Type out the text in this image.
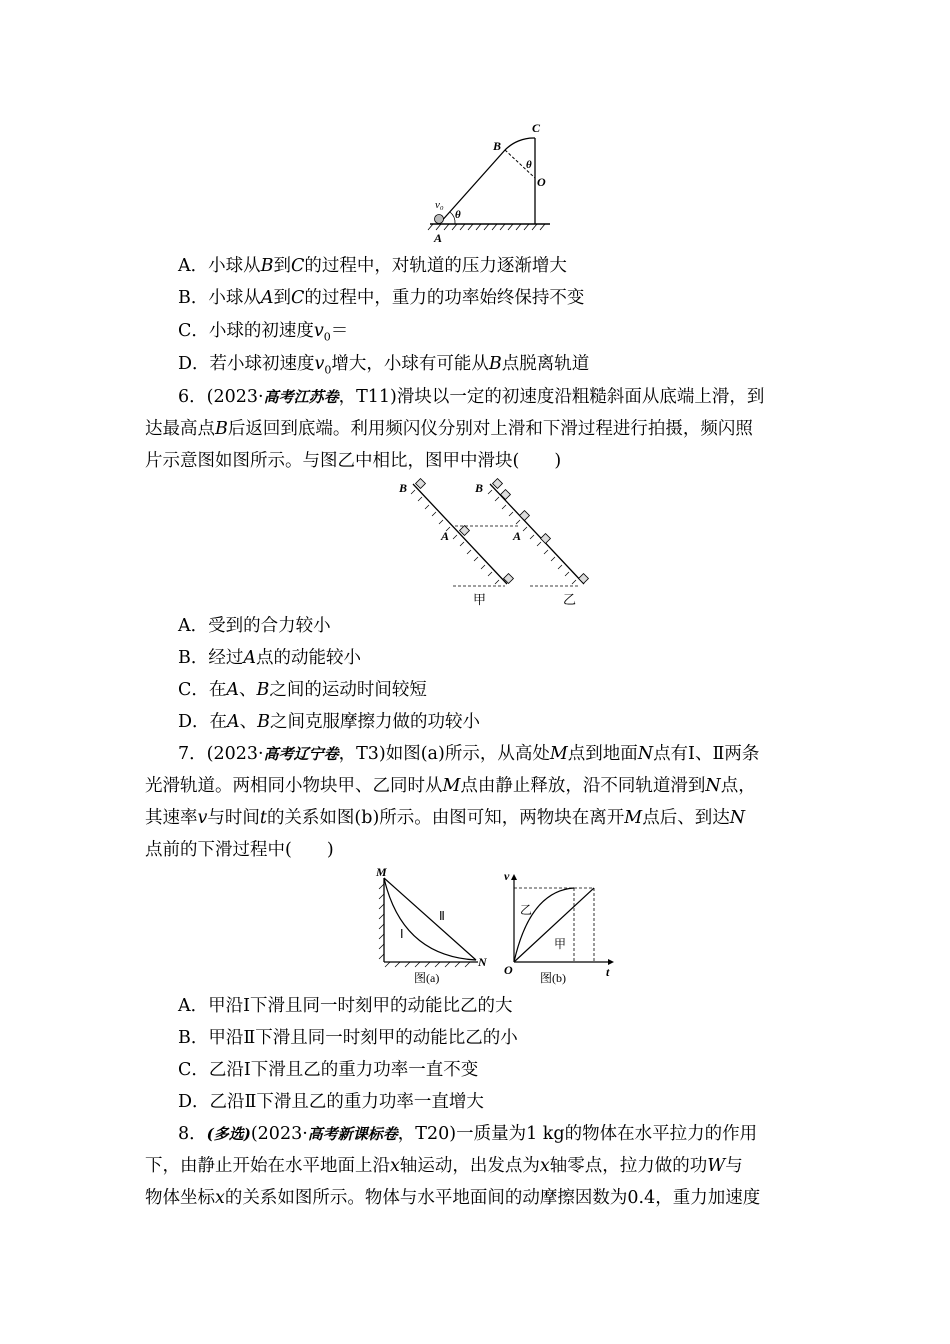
C
B
O
θ
θ
v₀
A
A．小球从B到C的过程中，对轨道的压力逐渐增大
B．小球从A到C的过程中，重力的功率始终保持不变
C．小球的初速度$v_0=$
D．若小球初速度$v_0$增大，小球有可能从B点脱离轨道
6．(2023·高考江苏卷，T11)滑块以一定的初速度沿粗糙斜面从底端上滑，到
达最高点B后返回到底端。利用频闪仪分别对上滑和下滑过程进行拍摄，频闪照
片示意图如图所示。与图乙中相比，图甲中滑块(　　)
B	B
A	A
甲	乙
A．受到的合力较小
B．经过A点的动能较小
C．在A、B之间的运动时间较短
D．在A、B之间克服摩擦力做的功较小
7．(2023·高考辽宁卷，T3)如图(a)所示，从高处M点到地面N点有Ⅰ、Ⅱ两条
光滑轨道。两相同小物块甲、乙同时从M点由静止释放，沿不同轨道滑到N点，
其速率v与时间t的关系如图(b)所示。由图可知，两物块在离开M点后、到达N
点前的下滑过程中(　　)
M
N
Ⅰ
Ⅱ
图(a)
v
t
O
乙
甲
图(b)
A．甲沿Ⅰ下滑且同一时刻甲的动能比乙的大
B．甲沿Ⅱ下滑且同一时刻甲的动能比乙的小
C．乙沿Ⅰ下滑且乙的重力功率一直不变
D．乙沿Ⅱ下滑且乙的重力功率一直增大
8．(多选)(2023·高考新课标卷，T20)一质量为1 kg的物体在水平拉力的作用
下，由静止开始在水平地面上沿x轴运动，出发点为x轴零点，拉力做的功W与
物体坐标x的关系如图所示。物体与水平地面间的动摩擦因数为0.4，重力加速度
